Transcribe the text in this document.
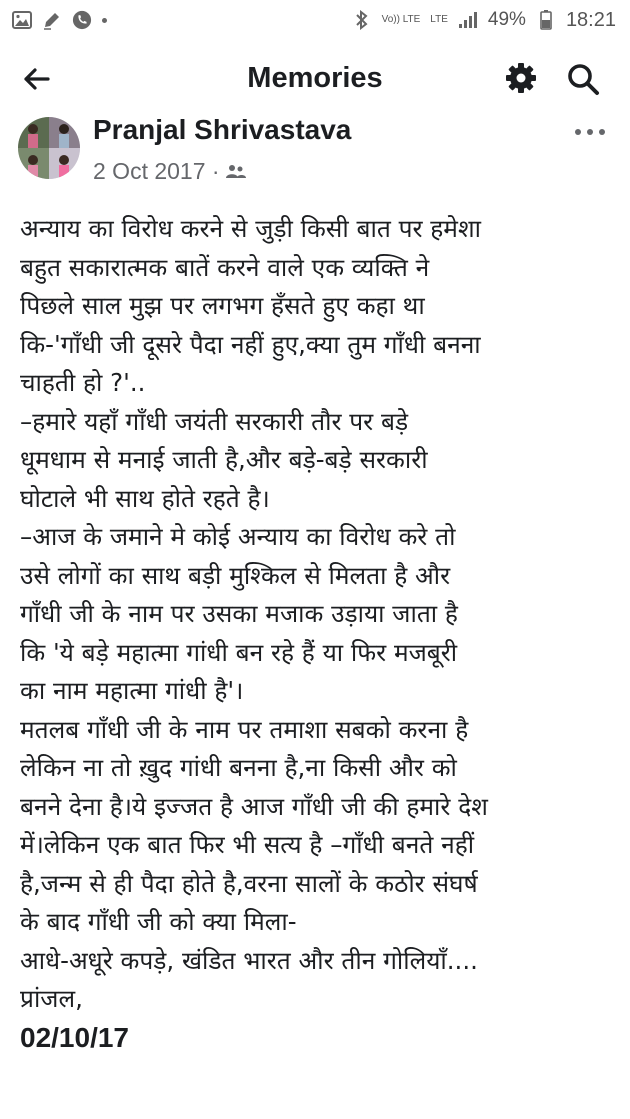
Vo)) LTE LTE 49% 18:21
Memories
Pranjal Shrivastava
2 Oct 2017 ·
अन्याय का विरोध करने से जुड़ी किसी बात पर हमेशा
बहुत सकारात्मक बातें करने वाले एक व्यक्ति ने
पिछले साल मुझ पर लगभग हँसते हुए कहा था
कि-'गाँधी जी दूसरे पैदा नहीं हुए,क्या तुम गाँधी बनना
चाहती हो ?'..
–हमारे यहाँ गाँधी जयंती सरकारी तौर पर बड़े
धूमधाम से मनाई जाती है,और बड़े-बड़े सरकारी
घोटाले भी साथ होते रहते है।
–आज के जमाने मे कोई अन्याय का विरोध करे तो
उसे लोगों का साथ बड़ी मुश्किल से मिलता है और
गाँधी जी के नाम पर उसका मजाक उड़ाया जाता है
कि 'ये बड़े महात्मा गांधी बन रहे हैं या फिर मजबूरी
का नाम महात्मा गांधी है'।
मतलब गाँधी जी के नाम पर तमाशा सबको करना है
लेकिन ना तो ख़ुद गांधी बनना है,ना किसी और को
बनने देना है।ये इज्जत है आज गाँधी जी की हमारे देश
में।लेकिन एक बात फिर भी सत्य है –गाँधी बनते नहीं
है,जन्म से ही पैदा होते है,वरना सालों के कठोर संघर्ष
के बाद गाँधी जी को क्या मिला-
आधे-अधूरे कपड़े, खंडित भारत और तीन गोलियाँ....
प्रांजल,
02/10/17
